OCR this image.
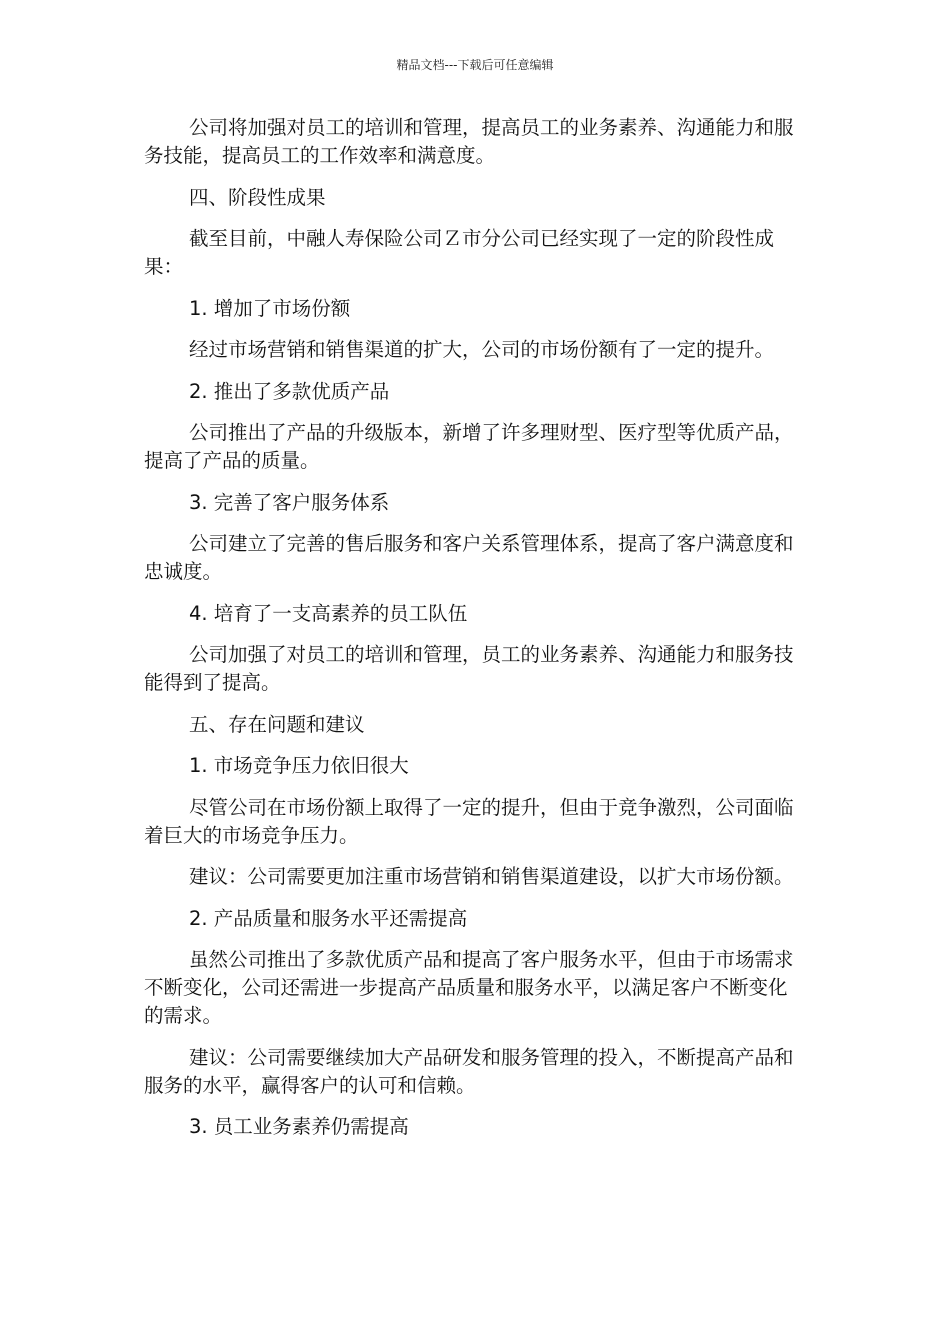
精品文档---下载后可任意编辑

公司将加强对员工的培训和管理，提高员工的业务素养、沟通能力和服务技能，提高员工的工作效率和满意度。

四、阶段性成果

截至目前，中融人寿保险公司Ｚ市分公司已经实现了一定的阶段性成果：

1. 增加了市场份额

经过市场营销和销售渠道的扩大，公司的市场份额有了一定的提升。

2. 推出了多款优质产品

公司推出了产品的升级版本，新增了许多理财型、医疗型等优质产品，提高了产品的质量。

3. 完善了客户服务体系

公司建立了完善的售后服务和客户关系管理体系，提高了客户满意度和忠诚度。

4. 培育了一支高素养的员工队伍

公司加强了对员工的培训和管理，员工的业务素养、沟通能力和服务技能得到了提高。

五、存在问题和建议

1. 市场竞争压力依旧很大

尽管公司在市场份额上取得了一定的提升，但由于竞争激烈，公司面临着巨大的市场竞争压力。

建议：公司需要更加注重市场营销和销售渠道建设，以扩大市场份额。

2. 产品质量和服务水平还需提高

虽然公司推出了多款优质产品和提高了客户服务水平，但由于市场需求不断变化，公司还需进一步提高产品质量和服务水平，以满足客户不断变化的需求。

建议：公司需要继续加大产品研发和服务管理的投入，不断提高产品和服务的水平，赢得客户的认可和信赖。

3. 员工业务素养仍需提高
